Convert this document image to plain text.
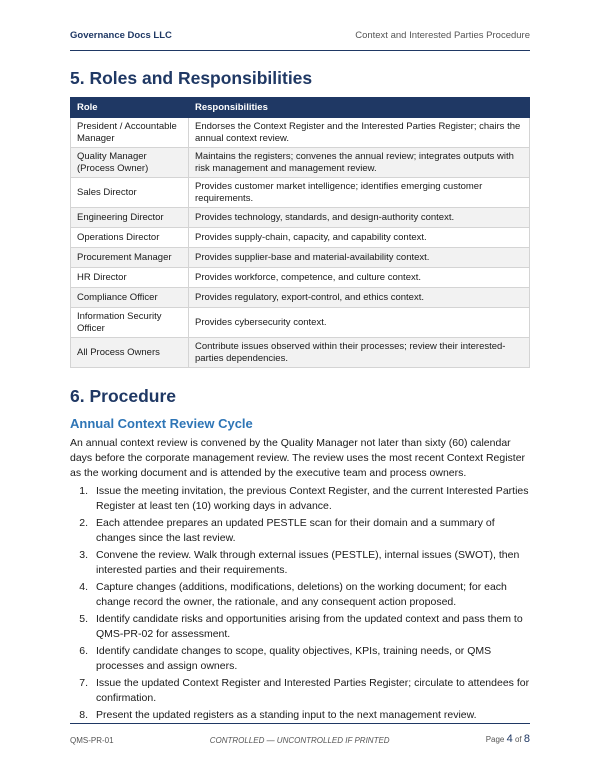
Governance Docs LLC	Context and Interested Parties Procedure
5. Roles and Responsibilities
Role	Responsibilities
President / Accountable Manager	Endorses the Context Register and the Interested Parties Register; chairs the annual context review.
Quality Manager (Process Owner)	Maintains the registers; convenes the annual review; integrates outputs with risk management and management review.
Sales Director	Provides customer market intelligence; identifies emerging customer requirements.
Engineering Director	Provides technology, standards, and design-authority context.
Operations Director	Provides supply-chain, capacity, and capability context.
Procurement Manager	Provides supplier-base and material-availability context.
HR Director	Provides workforce, competence, and culture context.
Compliance Officer	Provides regulatory, export-control, and ethics context.
Information Security Officer	Provides cybersecurity context.
All Process Owners	Contribute issues observed within their processes; review their interested-parties dependencies.
6. Procedure
Annual Context Review Cycle

An annual context review is convened by the Quality Manager not later than sixty (60) calendar days before the corporate management review. The review uses the most recent Context Register as the working document and is attended by the executive team and process owners.

1. Issue the meeting invitation, the previous Context Register, and the current Interested Parties Register at least ten (10) working days in advance.
2. Each attendee prepares an updated PESTLE scan for their domain and a summary of changes since the last review.
3. Convene the review. Walk through external issues (PESTLE), internal issues (SWOT), then interested parties and their requirements.
4. Capture changes (additions, modifications, deletions) on the working document; for each change record the owner, the rationale, and any consequent action proposed.
5. Identify candidate risks and opportunities arising from the updated context and pass them to QMS-PR-02 for assessment.
6. Identify candidate changes to scope, quality objectives, KPIs, training needs, or QMS processes and assign owners.
7. Issue the updated Context Register and Interested Parties Register; circulate to attendees for confirmation.
8. Present the updated registers as a standing input to the next management review.
QMS-PR-01	CONTROLLED — UNCONTROLLED IF PRINTED	Page 4 of 8
